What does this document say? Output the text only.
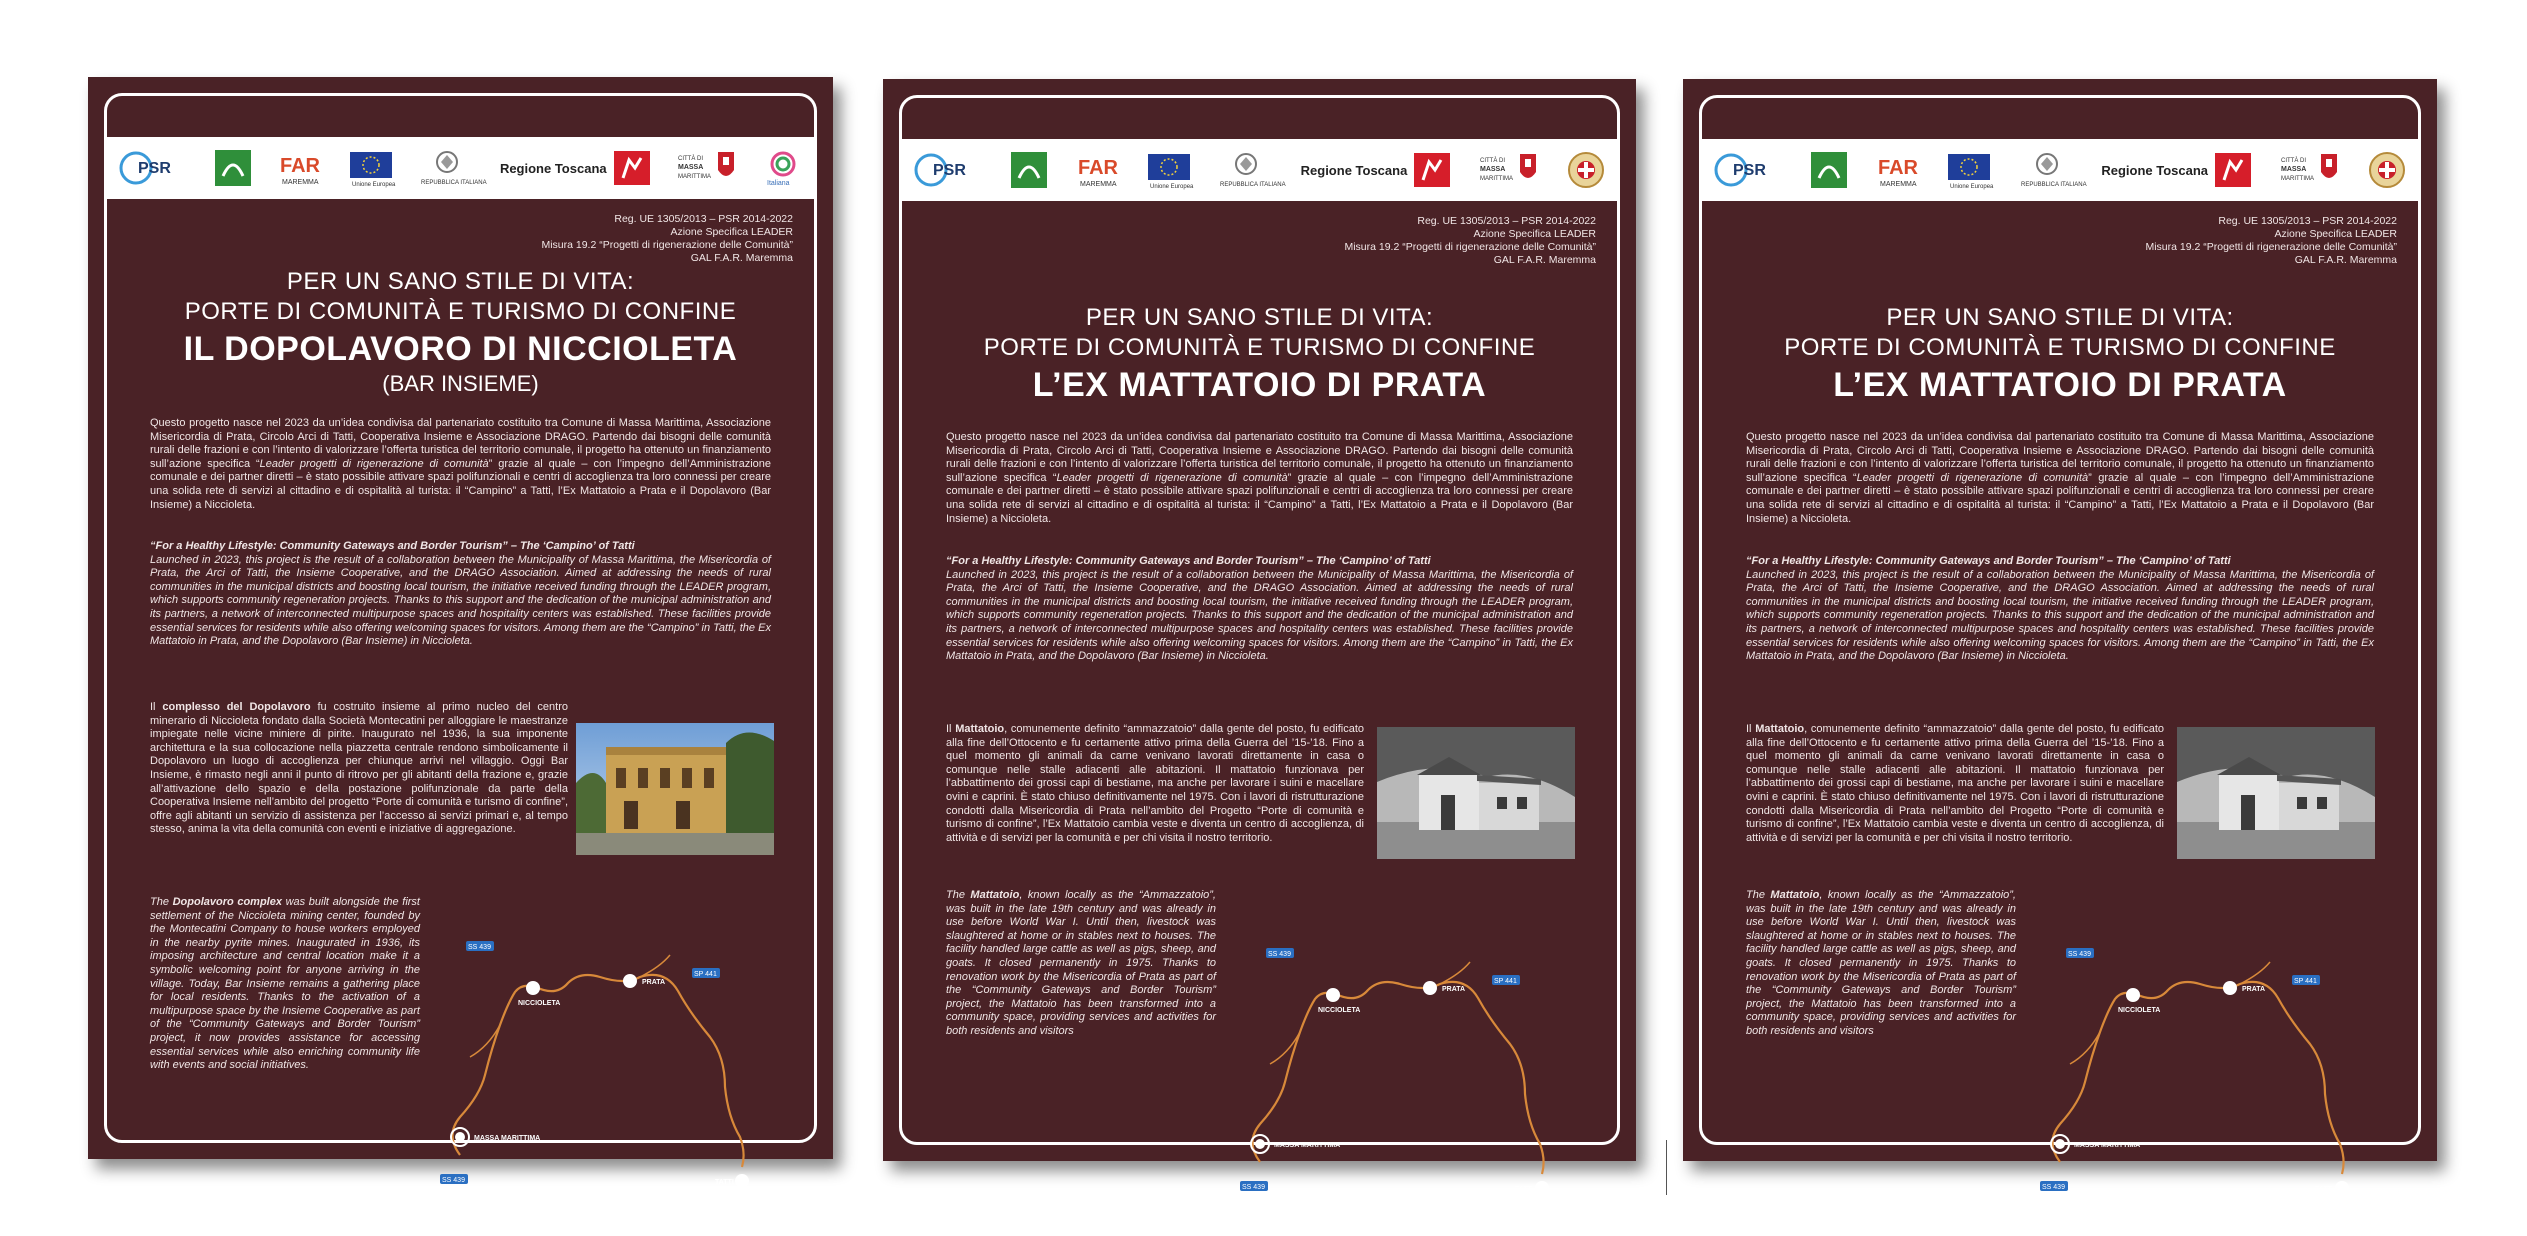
PSR	FAR
MAREMMA	Unione Europea	REPUBBLICA ITALIANA
Regione Toscana
CITTÀ DI
MASSA
MARITTIMA
Italiana
Reg. UE 1305/2013 – PSR 2014-2022
Azione Specifica LEADER
Misura 19.2 “Progetti di rigenerazione delle Comunità”
GAL F.A.R. Maremma
PER UN SANO STILE DI VITA:
PORTE DI COMUNITÀ E TURISMO DI CONFINE
IL DOPOLAVORO DI NICCIOLETA
(BAR INSIEME)

Questo progetto nasce nel 2023 da un’idea condivisa dal partenariato costituito tra Comune di Massa Marittima, Associazione Misericordia di Prata, Circolo Arci di Tatti, Cooperativa Insieme e Associazione DRAGO. Partendo dai bisogni delle comunità rurali delle frazioni e con l’intento di valorizzare l’offerta turistica del territorio comunale, il progetto ha ottenuto un finanziamento sull’azione specifica “Leader progetti di rigenerazione di comunità” grazie al quale – con l’impegno dell’Amministrazione comunale e dei partner diretti – è stato possibile attivare spazi polifunzionali e centri di accoglienza tra loro connessi per creare una solida rete di servizi al cittadino e di ospitalità al turista: il “Campino” a Tatti, l’Ex Mattatoio a Prata e il Dopolavoro (Bar Insieme) a Niccioleta.

“For a Healthy Lifestyle: Community Gateways and Border Tourism” – The ‘Campino’ of Tatti
Launched in 2023, this project is the result of a collaboration between the Municipality of Massa Marittima, the Misericordia of Prata, the Arci of Tatti, the Insieme Cooperative, and the DRAGO Association. Aimed at addressing the needs of rural communities in the municipal districts and boosting local tourism, the initiative received funding through the LEADER program, which supports community regeneration projects. Thanks to this support and the dedication of the municipal administration and its partners, a network of interconnected multipurpose spaces and hospitality centers was established. These facilities provide essential services for residents while also offering welcoming spaces for visitors. Among them are the “Campino” in Tatti, the Ex Mattatoio in Prata, and the Dopolavoro (Bar Insieme) in Niccioleta.

Il complesso del Dopolavoro fu costruito insieme al primo nucleo del centro minerario di Niccioleta fondato dalla Società Montecatini per alloggiare le maestranze impiegate nelle vicine miniere di pirite. Inaugurato nel 1936, la sua imponente architettura e la sua collocazione nella piazzetta centrale rendono simbolicamente il Dopolavoro un luogo di accoglienza per chiunque arrivi nel villaggio. Oggi Bar Insieme, è rimasto negli anni il punto di ritrovo per gli abitanti della frazione e, grazie all’attivazione dello spazio e della postazione polifunzionale da parte della Cooperativa Insieme nell’ambito del progetto “Porte di comunità e turismo di confine”, offre agli abitanti un servizio di assistenza per l’accesso ai servizi primari e, al tempo stesso, anima la vita della comunità con eventi e iniziative di aggregazione.

The Dopolavoro complex was built alongside the first settlement of the Niccioleta mining center, founded by the Montecatini Company to house workers employed in the nearby pyrite mines. Inaugurated in 1936, its imposing architecture and central location make it a symbolic welcoming point for anyone arriving in the village. Today, Bar Insieme remains a gathering place for local residents. Thanks to the activation of a multipurpose space by the Insieme Cooperative as part of the “Community Gateways and Border Tourism” project, it now provides assistance for accessing essential services while also enriching community life with events and social initiatives.

SS 439
SP 441
SS 439
NICCIOLETA
PRATA
MASSA MARITTIMA
TATTI
PSR	FAR
MAREMMA	Unione Europea	REPUBBLICA ITALIANA
Regione Toscana
CITTÀ DI
MASSA
MARITTIMA
Reg. UE 1305/2013 – PSR 2014-2022
Azione Specifica LEADER
Misura 19.2 “Progetti di rigenerazione delle Comunità”
GAL F.A.R. Maremma
PER UN SANO STILE DI VITA:
PORTE DI COMUNITÀ E TURISMO DI CONFINE
L’EX MATTATOIO DI PRATA

Questo progetto nasce nel 2023 da un’idea condivisa dal partenariato costituito tra Comune di Massa Marittima, Associazione Misericordia di Prata, Circolo Arci di Tatti, Cooperativa Insieme e Associazione DRAGO. Partendo dai bisogni delle comunità rurali delle frazioni e con l’intento di valorizzare l’offerta turistica del territorio comunale, il progetto ha ottenuto un finanziamento sull’azione specifica “Leader progetti di rigenerazione di comunità” grazie al quale – con l’impegno dell’Amministrazione comunale e dei partner diretti – è stato possibile attivare spazi polifunzionali e centri di accoglienza tra loro connessi per creare una solida rete di servizi al cittadino e di ospitalità al turista: il “Campino” a Tatti, l’Ex Mattatoio a Prata e il Dopolavoro (Bar Insieme) a Niccioleta.

“For a Healthy Lifestyle: Community Gateways and Border Tourism” – The ‘Campino’ of Tatti
Launched in 2023, this project is the result of a collaboration between the Municipality of Massa Marittima, the Misericordia of Prata, the Arci of Tatti, the Insieme Cooperative, and the DRAGO Association. Aimed at addressing the needs of rural communities in the municipal districts and boosting local tourism, the initiative received funding through the LEADER program, which supports community regeneration projects. Thanks to this support and the dedication of the municipal administration and its partners, a network of interconnected multipurpose spaces and hospitality centers was established. These facilities provide essential services for residents while also offering welcoming spaces for visitors. Among them are the “Campino” in Tatti, the Ex Mattatoio in Prata, and the Dopolavoro (Bar Insieme) in Niccioleta.

Il Mattatoio, comunemente definito “ammazzatoio” dalla gente del posto, fu edificato alla fine dell’Ottocento e fu certamente attivo prima della Guerra del ’15-’18. Fino a quel momento gli animali da carne venivano lavorati direttamente in casa o comunque nelle stalle adiacenti alle abitazioni. Il mattatoio funzionava per l’abbattimento dei grossi capi di bestiame, ma anche per lavorare i suini e macellare ovini e caprini. È stato chiuso definitivamente nel 1975. Con i lavori di ristrutturazione condotti dalla Misericordia di Prata nell’ambito del Progetto “Porte di comunità e turismo di confine”, l’Ex Mattatoio cambia veste e diventa un centro di accoglienza, di attività e di servizi per la comunità e per chi visita il nostro territorio.

The Mattatoio, known locally as the “Ammazzatoio”, was built in the late 19th century and was already in use before World War I. Until then, livestock was slaughtered at home or in stables next to houses. The facility handled large cattle as well as pigs, sheep, and goats. It closed permanently in 1975. Thanks to renovation work by the Misericordia of Prata as part of the “Community Gateways and Border Tourism” project, the Mattatoio has been transformed into a community space, providing services and activities for both residents and visitors

SS 439
SP 441
SS 439
NICCIOLETA
PRATA
MASSA MARITTIMA
TATTI
PSR	FAR
MAREMMA	Unione Europea	REPUBBLICA ITALIANA
Regione Toscana
CITTÀ DI
MASSA
MARITTIMA
Reg. UE 1305/2013 – PSR 2014-2022
Azione Specifica LEADER
Misura 19.2 “Progetti di rigenerazione delle Comunità”
GAL F.A.R. Maremma
PER UN SANO STILE DI VITA:
PORTE DI COMUNITÀ E TURISMO DI CONFINE
L’EX MATTATOIO DI PRATA

Questo progetto nasce nel 2023 da un’idea condivisa dal partenariato costituito tra Comune di Massa Marittima, Associazione Misericordia di Prata, Circolo Arci di Tatti, Cooperativa Insieme e Associazione DRAGO. Partendo dai bisogni delle comunità rurali delle frazioni e con l’intento di valorizzare l’offerta turistica del territorio comunale, il progetto ha ottenuto un finanziamento sull’azione specifica “Leader progetti di rigenerazione di comunità” grazie al quale – con l’impegno dell’Amministrazione comunale e dei partner diretti – è stato possibile attivare spazi polifunzionali e centri di accoglienza tra loro connessi per creare una solida rete di servizi al cittadino e di ospitalità al turista: il “Campino” a Tatti, l’Ex Mattatoio a Prata e il Dopolavoro (Bar Insieme) a Niccioleta.

“For a Healthy Lifestyle: Community Gateways and Border Tourism” – The ‘Campino’ of Tatti
Launched in 2023, this project is the result of a collaboration between the Municipality of Massa Marittima, the Misericordia of Prata, the Arci of Tatti, the Insieme Cooperative, and the DRAGO Association. Aimed at addressing the needs of rural communities in the municipal districts and boosting local tourism, the initiative received funding through the LEADER program, which supports community regeneration projects. Thanks to this support and the dedication of the municipal administration and its partners, a network of interconnected multipurpose spaces and hospitality centers was established. These facilities provide essential services for residents while also offering welcoming spaces for visitors. Among them are the “Campino” in Tatti, the Ex Mattatoio in Prata, and the Dopolavoro (Bar Insieme) in Niccioleta.

Il Mattatoio, comunemente definito “ammazzatoio” dalla gente del posto, fu edificato alla fine dell’Ottocento e fu certamente attivo prima della Guerra del ’15-’18. Fino a quel momento gli animali da carne venivano lavorati direttamente in casa o comunque nelle stalle adiacenti alle abitazioni. Il mattatoio funzionava per l’abbattimento dei grossi capi di bestiame, ma anche per lavorare i suini e macellare ovini e caprini. È stato chiuso definitivamente nel 1975. Con i lavori di ristrutturazione condotti dalla Misericordia di Prata nell’ambito del Progetto “Porte di comunità e turismo di confine”, l’Ex Mattatoio cambia veste e diventa un centro di accoglienza, di attività e di servizi per la comunità e per chi visita il nostro territorio.

The Mattatoio, known locally as the “Ammazzatoio”, was built in the late 19th century and was already in use before World War I. Until then, livestock was slaughtered at home or in stables next to houses. The facility handled large cattle as well as pigs, sheep, and goats. It closed permanently in 1975. Thanks to renovation work by the Misericordia of Prata as part of the “Community Gateways and Border Tourism” project, the Mattatoio has been transformed into a community space, providing services and activities for both residents and visitors

SS 439
SP 441
SS 439
NICCIOLETA
PRATA
MASSA MARITTIMA
TATTI
